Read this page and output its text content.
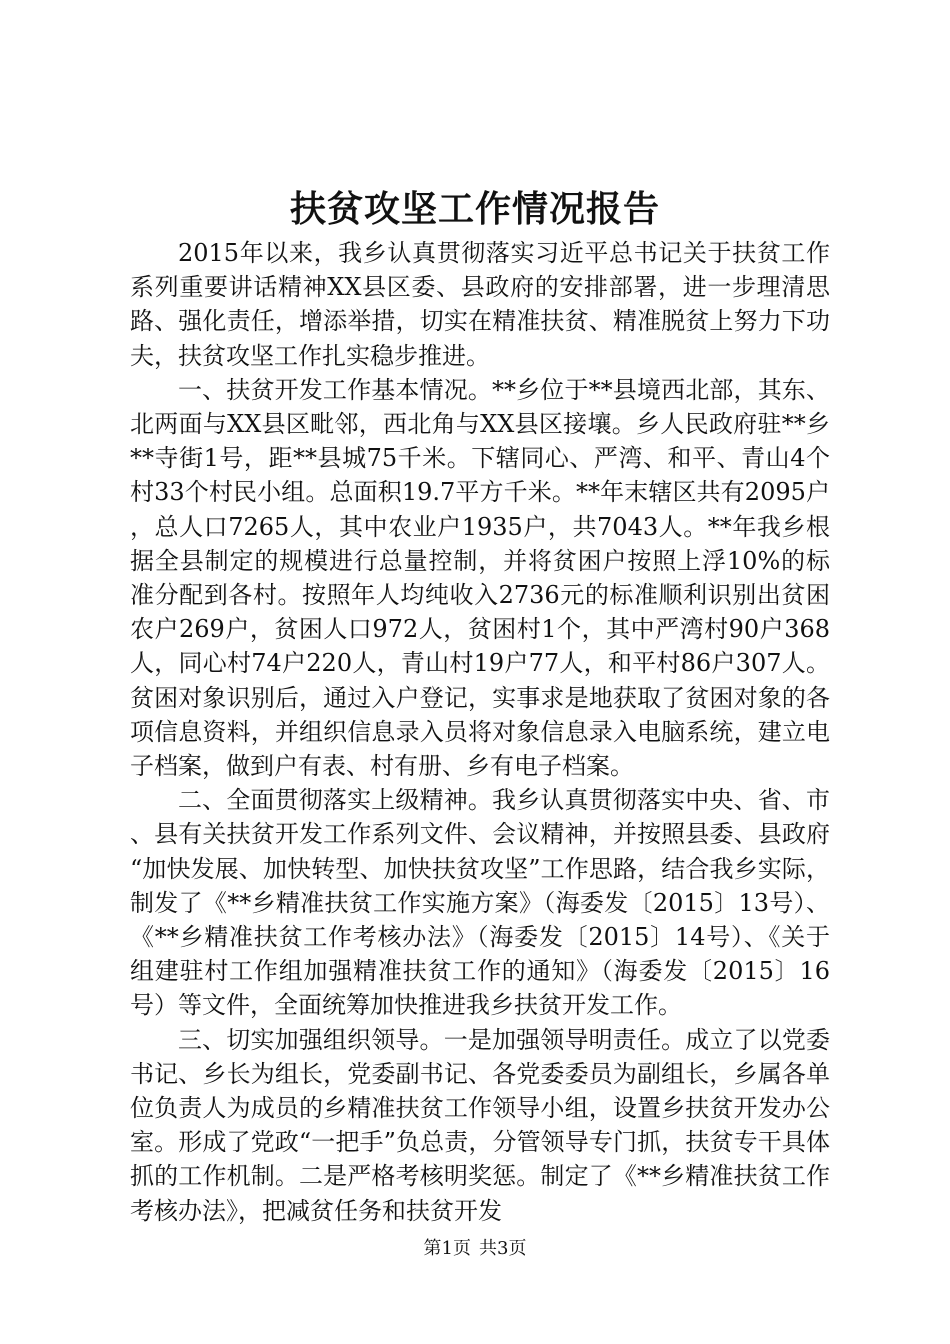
扶贫攻坚工作情况报告

2015年以来，我乡认真贯彻落实习近平总书记关于扶贫工作系列重要讲话精神XX县区委、县政府的安排部署，进一步理清思路、强化责任，增添举措，切实在精准扶贫、精准脱贫上努力下功夫，扶贫攻坚工作扎实稳步推进。

一、扶贫开发工作基本情况。**乡位于**县境西北部，其东、北两面与XX县区毗邻，西北角与XX县区接壤。乡人民政府驻**乡**寺街1号，距**县城75千米。下辖同心、严湾、和平、青山4个村33个村民小组。总面积19.7平方千米。**年末辖区共有2095户，总人口7265人，其中农业户1935户，共7043人。**年我乡根据全县制定的规模进行总量控制，并将贫困户按照上浮10%的标准分配到各村。按照年人均纯收入2736元的标准顺利识别出贫困农户269户，贫困人口972人，贫困村1个，其中严湾村90户368人，同心村74户220人，青山村19户77人，和平村86户307人。贫困对象识别后，通过入户登记，实事求是地获取了贫困对象的各项信息资料，并组织信息录入员将对象信息录入电脑系统，建立电子档案，做到户有表、村有册、乡有电子档案。

二、全面贯彻落实上级精神。我乡认真贯彻落实中央、省、市、县有关扶贫开发工作系列文件、会议精神，并按照县委、县政府“加快发展、加快转型、加快扶贫攻坚”工作思路，结合我乡实际，制发了《**乡精准扶贫工作实施方案》（海委发〔2015〕13号）、《**乡精准扶贫工作考核办法》（海委发〔2015〕14号）、《关于组建驻村工作组加强精准扶贫工作的通知》（海委发〔2015〕16号）等文件，全面统筹加快推进我乡扶贫开发工作。

三、切实加强组织领导。一是加强领导明责任。成立了以党委书记、乡长为组长，党委副书记、各党委委员为副组长，乡属各单位负责人为成员的乡精准扶贫工作领导小组，设置乡扶贫开发办公室。形成了党政“一把手”负总责，分管领导专门抓，扶贫专干具体抓的工作机制。二是严格考核明奖惩。制定了《**乡精准扶贫工作考核办法》，把减贫任务和扶贫开发

第1页 共3页
